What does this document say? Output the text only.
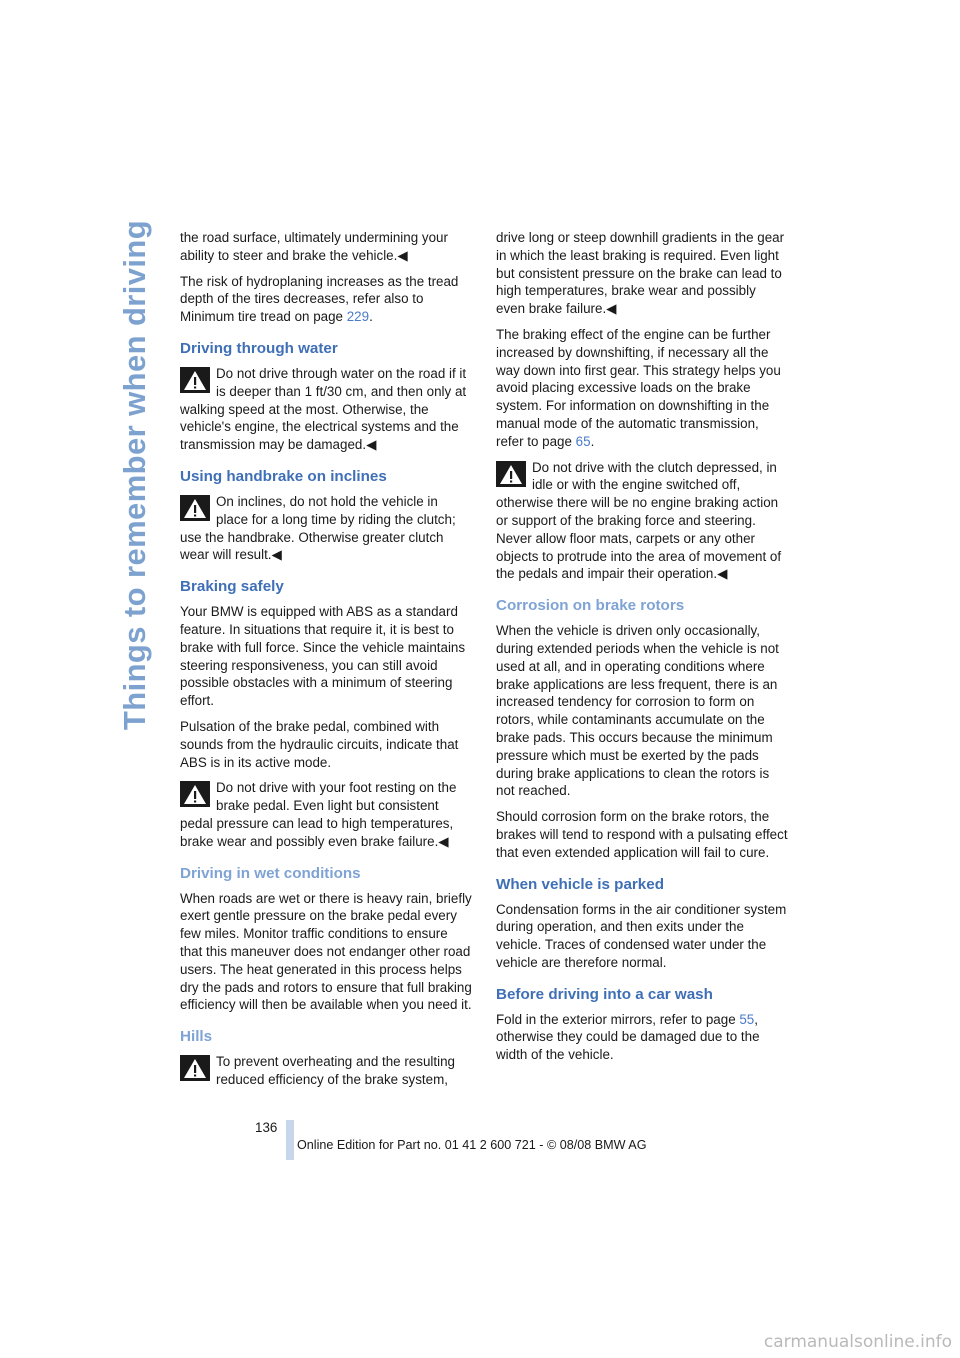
Things to remember when driving the road surface, ultimately undermining your ability to steer and brake the vehicle.◀

The risk of hydroplaning increases as the tread depth of the tires decreases, refer also to Minimum tire tread on page 229.

Driving through water

Do not drive through water on the road if it is deeper than 1 ft/30 cm, and then only at walking speed at the most. Otherwise, the vehicle's engine, the electrical systems and the transmission may be damaged.◀

Using handbrake on inclines

On inclines, do not hold the vehicle in place for a long time by riding the clutch; use the handbrake. Otherwise greater clutch wear will result.◀

Braking safely

Your BMW is equipped with ABS as a standard feature. In situations that require it, it is best to brake with full force. Since the vehicle maintains steering responsiveness, you can still avoid possible obstacles with a minimum of steering effort.

Pulsation of the brake pedal, combined with sounds from the hydraulic circuits, indicate that ABS is in its active mode.

Do not drive with your foot resting on the brake pedal. Even light but consistent pedal pressure can lead to high temperatures, brake wear and possibly even brake failure.◀

Driving in wet conditions

When roads are wet or there is heavy rain, briefly exert gentle pressure on the brake pedal every few miles. Monitor traffic conditions to ensure that this maneuver does not endanger other road users. The heat generated in this process helps dry the pads and rotors to ensure that full braking efficiency will then be available when you need it.

Hills

To prevent overheating and the resulting reduced efficiency of the brake system,

drive long or steep downhill gradients in the gear in which the least braking is required. Even light but consistent pressure on the brake can lead to high temperatures, brake wear and possibly even brake failure.◀

The braking effect of the engine can be further increased by downshifting, if necessary all the way down into first gear. This strategy helps you avoid placing excessive loads on the brake system. For information on downshifting in the manual mode of the automatic transmission, refer to page 65.

Do not drive with the clutch depressed, in idle or with the engine switched off, otherwise there will be no engine braking action or support of the braking force and steering. Never allow floor mats, carpets or any other objects to protrude into the area of movement of the pedals and impair their operation.◀

Corrosion on brake rotors

When the vehicle is driven only occasionally, during extended periods when the vehicle is not used at all, and in operating conditions where brake applications are less frequent, there is an increased tendency for corrosion to form on rotors, while contaminants accumulate on the brake pads. This occurs because the minimum pressure which must be exerted by the pads during brake applications to clean the rotors is not reached.

Should corrosion form on the brake rotors, the brakes will tend to respond with a pulsating effect that even extended application will fail to cure.

When vehicle is parked

Condensation forms in the air conditioner system during operation, and then exits under the vehicle. Traces of condensed water under the vehicle are therefore normal.

Before driving into a car wash

Fold in the exterior mirrors, refer to page 55, otherwise they could be damaged due to the width of the vehicle.

136
Online Edition for Part no. 01 41 2 600 721 - © 08/08 BMW AG
carmanualsonline.info
